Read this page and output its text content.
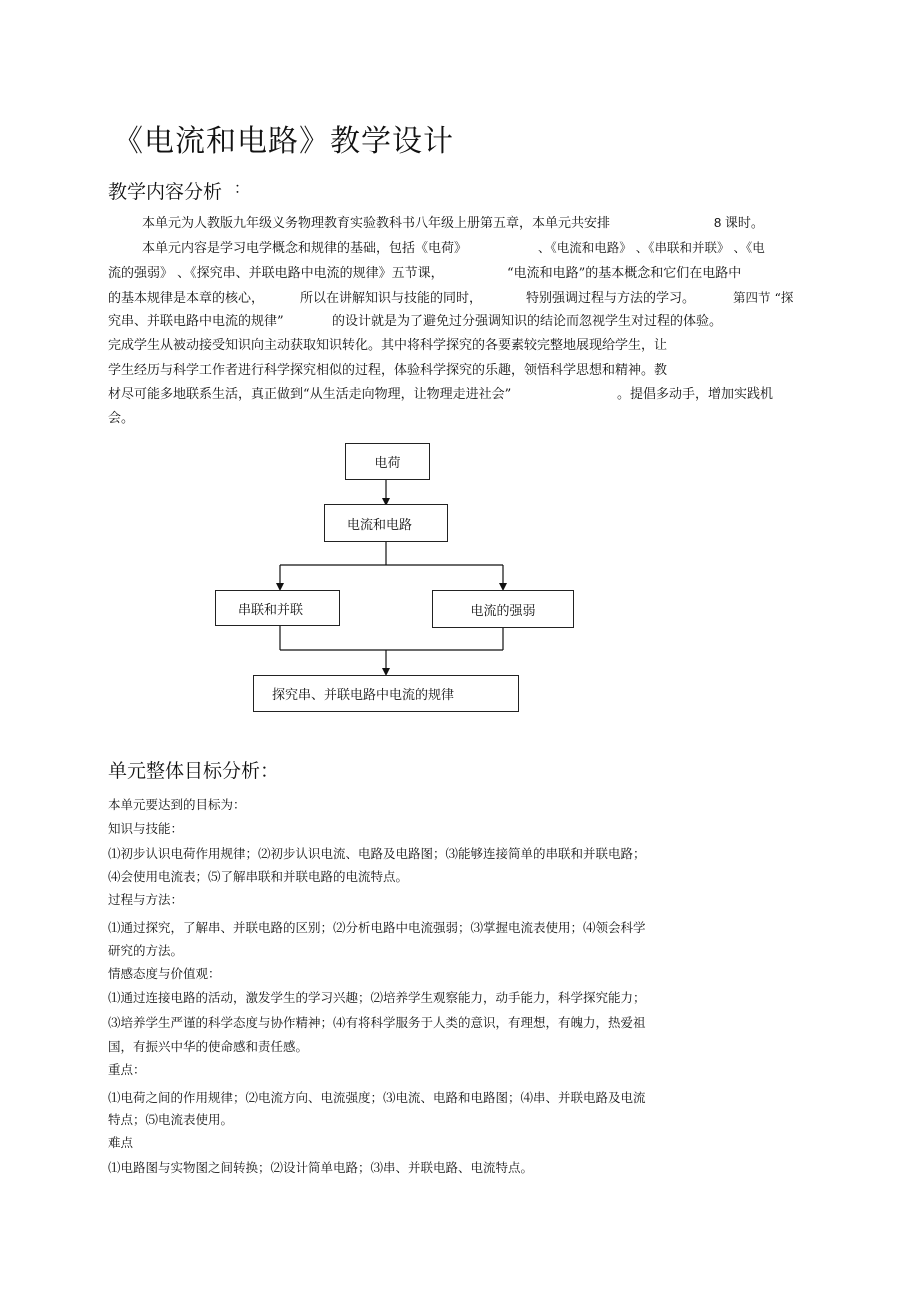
《电流和电路》教学设计
教学内容分析 ：
本单元为人教版九年级义务物理教育实验教科书八年级上册第五章，本单元共安排	8 课时。
本单元内容是学习电学概念和规律的基础，包括《电荷》	、《电流和电路》 、《串联和并联》 、《电
流的强弱》 、《探究串、并联电路中电流的规律》五节课，	“电流和电路”的基本概念和它们在电路中
的基本规律是本章的核心，	所以在讲解知识与技能的同时，	特别强调过程与方法的学习。	第四节 “探
究串、并联电路中电流的规律”	的设计就是为了避免过分强调知识的结论而忽视学生对过程的体验。
完成学生从被动接受知识向主动获取知识转化。其中将科学探究的各要素较完整地展现给学生，让
学生经历与科学工作者进行科学探究相似的过程，体验科学探究的乐趣，领悟科学思想和精神。教
材尽可能多地联系生活，真正做到“从生活走向物理，让物理走进社会”	。提倡多动手，增加实践机
会。
电荷
电流和电路
串联和并联	电流的强弱
探究串、并联电路中电流的规律
单元整体目标分析：
本单元要达到的目标为：
知识与技能：
⑴初步认识电荷作用规律；⑵初步认识电流、电路及电路图；⑶能够连接简单的串联和并联电路；
⑷会使用电流表；⑸了解串联和并联电路的电流特点。
过程与方法：
⑴通过探究，了解串、并联电路的区别；⑵分析电路中电流强弱；⑶掌握电流表使用；⑷领会科学
研究的方法。
情感态度与价值观：
⑴通过连接电路的活动，激发学生的学习兴趣；⑵培养学生观察能力，动手能力，科学探究能力；
⑶培养学生严谨的科学态度与协作精神；⑷有将科学服务于人类的意识，有理想，有魄力，热爱祖
国，有振兴中华的使命感和责任感。
重点：
⑴电荷之间的作用规律；⑵电流方向、电流强度；⑶电流、电路和电路图；⑷串、并联电路及电流
特点；⑸电流表使用。
难点
⑴电路图与实物图之间转换；⑵设计简单电路；⑶串、并联电路、电流特点。
